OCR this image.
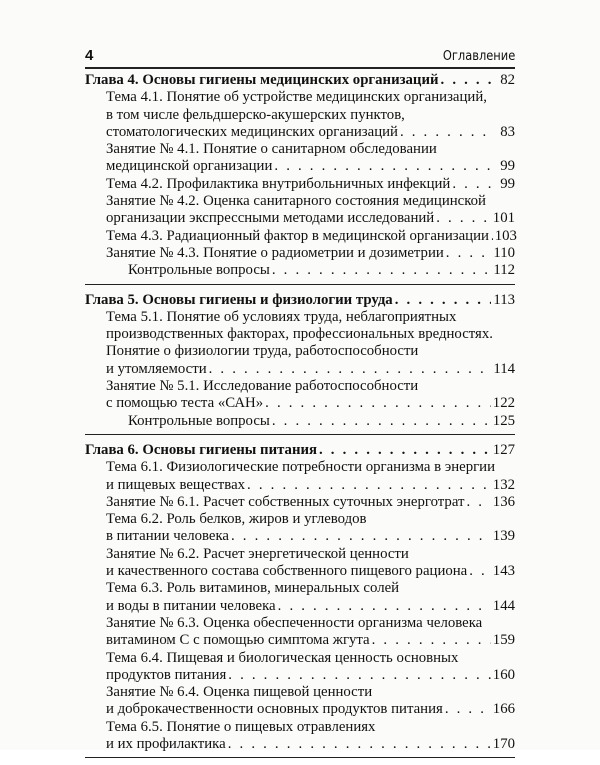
4	Оглавление
Глава 4. Основы гигиены медицинских организаций . . .	82
Тема 4.1. Понятие об устройстве медицинских организаций,
в том числе фельдшерско-акушерских пунктов,
стоматологических медицинских организаций . . .	83
Занятие № 4.1. Понятие о санитарном обследовании
медицинской организации . . .	99
Тема 4.2. Профилактика внутрибольничных инфекций . . .	99
Занятие № 4.2. Оценка санитарного состояния медицинской
организации экспрессными методами исследований . . .	101
Тема 4.3. Радиационный фактор в медицинской организации . . . 103
Занятие № 4.3. Понятие о радиометрии и дозиметрии . . .	110
Контрольные вопросы . . .	112
Глава 5. Основы гигиены и физиологии труда . . .	113
Тема 5.1. Понятие об условиях труда, неблагоприятных
производственных факторах, профессиональных вредностях.
Понятие о физиологии труда, работоспособности
и утомляемости . . .	114
Занятие № 5.1. Исследование работоспособности
с помощью теста «САН» . . .	122
Контрольные вопросы . . .	125
Глава 6. Основы гигиены питания . . .	127
Тема 6.1. Физиологические потребности организма в энергии
и пищевых веществах . . .	132
Занятие № 6.1. Расчет собственных суточных энерготрат . . . 136
Тема 6.2. Роль белков, жиров и углеводов
в питании человека . . .	139
Занятие № 6.2. Расчет энергетической ценности
и качественного состава собственного пищевого рациона . . . 143
Тема 6.3. Роль витаминов, минеральных солей
и воды в питании человека . . .	144
Занятие № 6.3. Оценка обеспеченности организма человека
витамином С с помощью симптома жгута . . .	159
Тема 6.4. Пищевая и биологическая ценность основных
продуктов питания . . .	160
Занятие № 6.4. Оценка пищевой ценности
и доброкачественности основных продуктов питания . . .	166
Тема 6.5. Понятие о пищевых отравлениях
и их профилактика . . .	170
